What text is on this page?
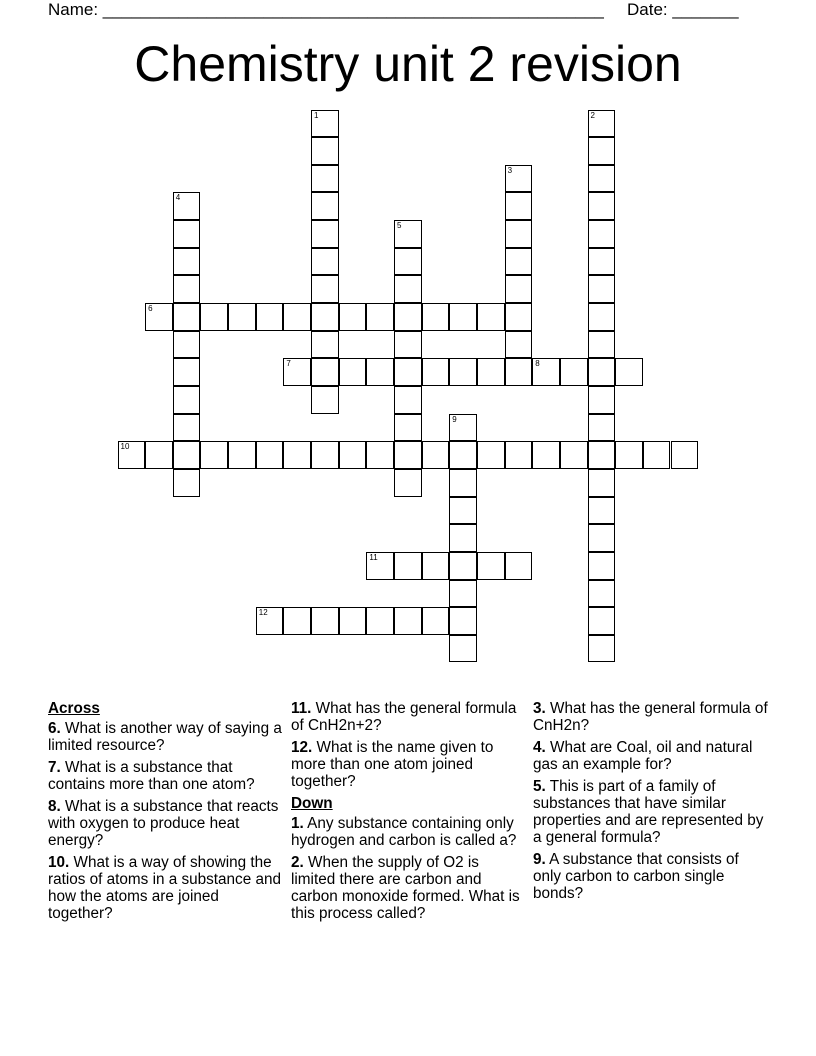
Name: _____________________________________________________ Date: _______
Chemistry unit 2 revision
1	2
3
4
5
6
7	8
9
10
11
12
Across
6. What is another way of saying a limited resource?
7. What is a substance that contains more than one atom?
8. What is a substance that reacts with oxygen to produce heat energy?
10. What is a way of showing the ratios of atoms in a substance and how the atoms are joined together?
11. What has the general formula of CnH2n+2?
12. What is the name given to more than one atom joined together?
Down
1. Any substance containing only hydrogen and carbon is called a?
2. When the supply of O2 is limited there are carbon and carbon monoxide formed. What is this process called?
3. What has the general formula of CnH2n?
4. What are Coal, oil and natural gas an example for?
5. This is part of a family of substances that have similar properties and are represented by a general formula?
9. A substance that consists of only carbon to carbon single bonds?
